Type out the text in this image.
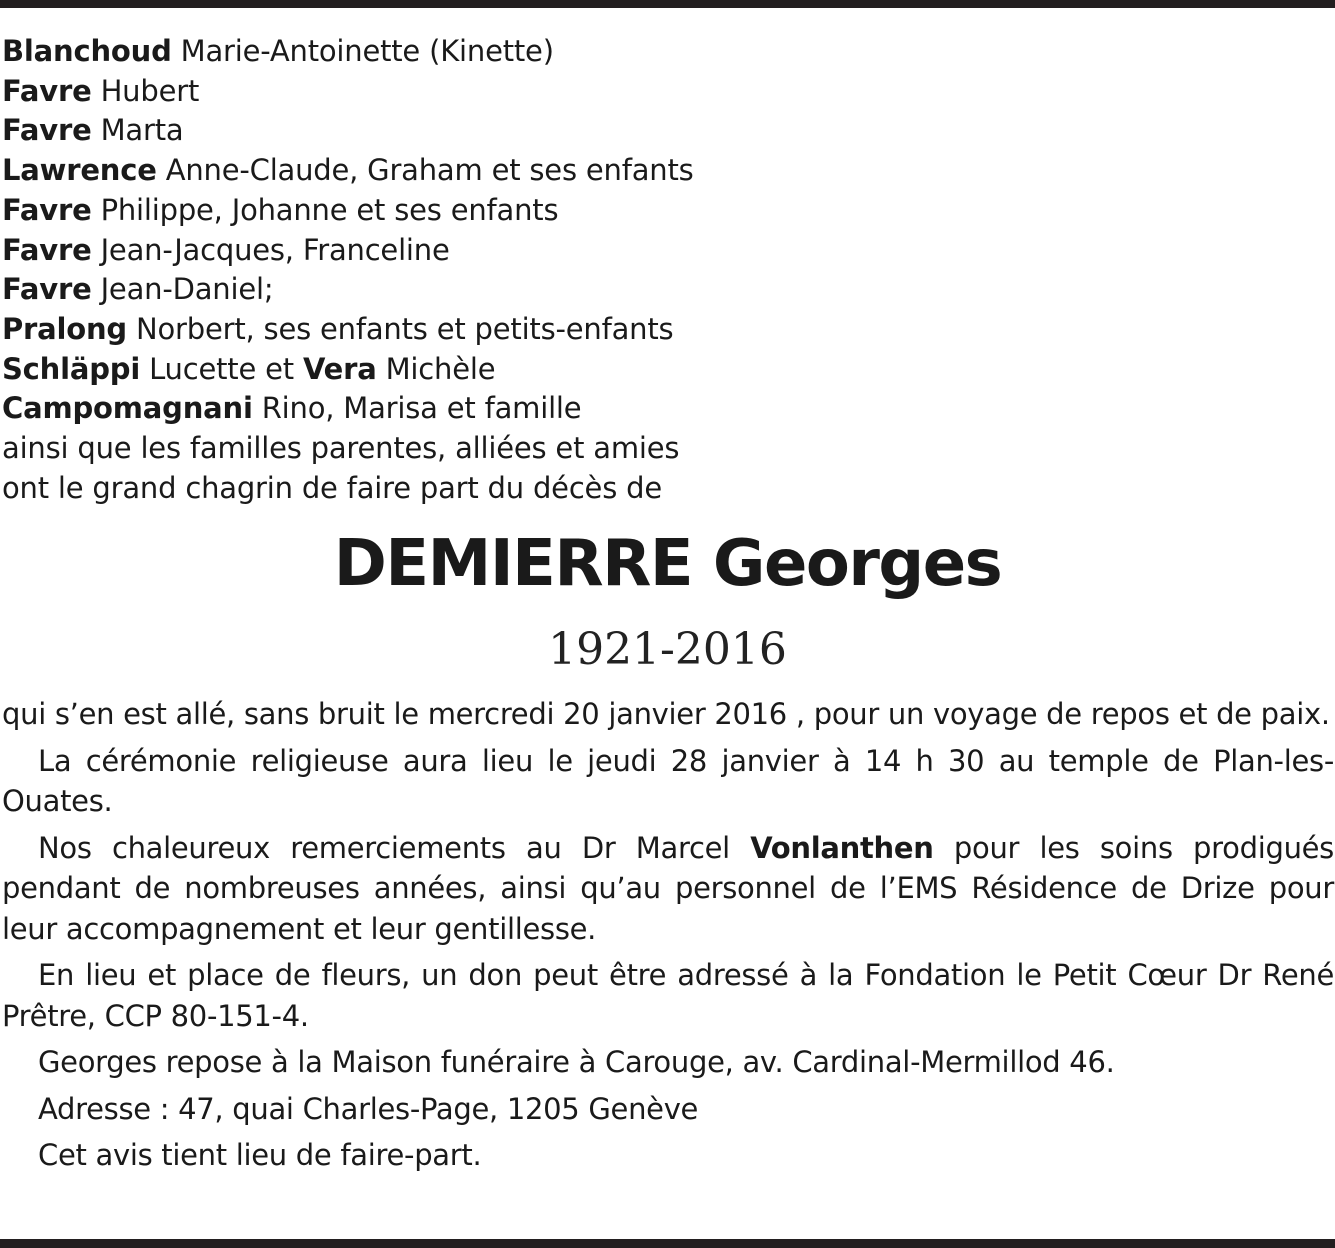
Blanchoud Marie-Antoinette (Kinette)
Favre Hubert
Favre Marta
Lawrence Anne-Claude, Graham et ses enfants
Favre Philippe, Johanne et ses enfants
Favre Jean-Jacques, Franceline
Favre Jean-Daniel;
Pralong Norbert, ses enfants et petits-enfants
Schläppi Lucette et Vera Michèle
Campomagnani Rino, Marisa et famille
ainsi que les familles parentes, alliées et amies
ont le grand chagrin de faire part du décès de
DEMIERRE Georges
1921-2016

qui s’en est allé, sans bruit le mercredi 20 janvier 2016 , pour un voyage de repos et de paix.

La cérémonie religieuse aura lieu le jeudi 28 janvier à 14 h 30 au temple de Plan-les-Ouates.

Nos chaleureux remerciements au Dr Marcel Vonlanthen pour les soins prodigués pendant de nombreuses années, ainsi qu’au personnel de l’EMS Résidence de Drize pour leur accompagnement et leur gentillesse.

En lieu et place de fleurs, un don peut être adressé à la Fondation le Petit Cœur Dr René Prêtre, CCP 80-151-4.

Georges repose à la Maison funéraire à Carouge, av. Cardinal-Mermillod 46.

Adresse : 47, quai Charles-Page, 1205 Genève

Cet avis tient lieu de faire-part.
